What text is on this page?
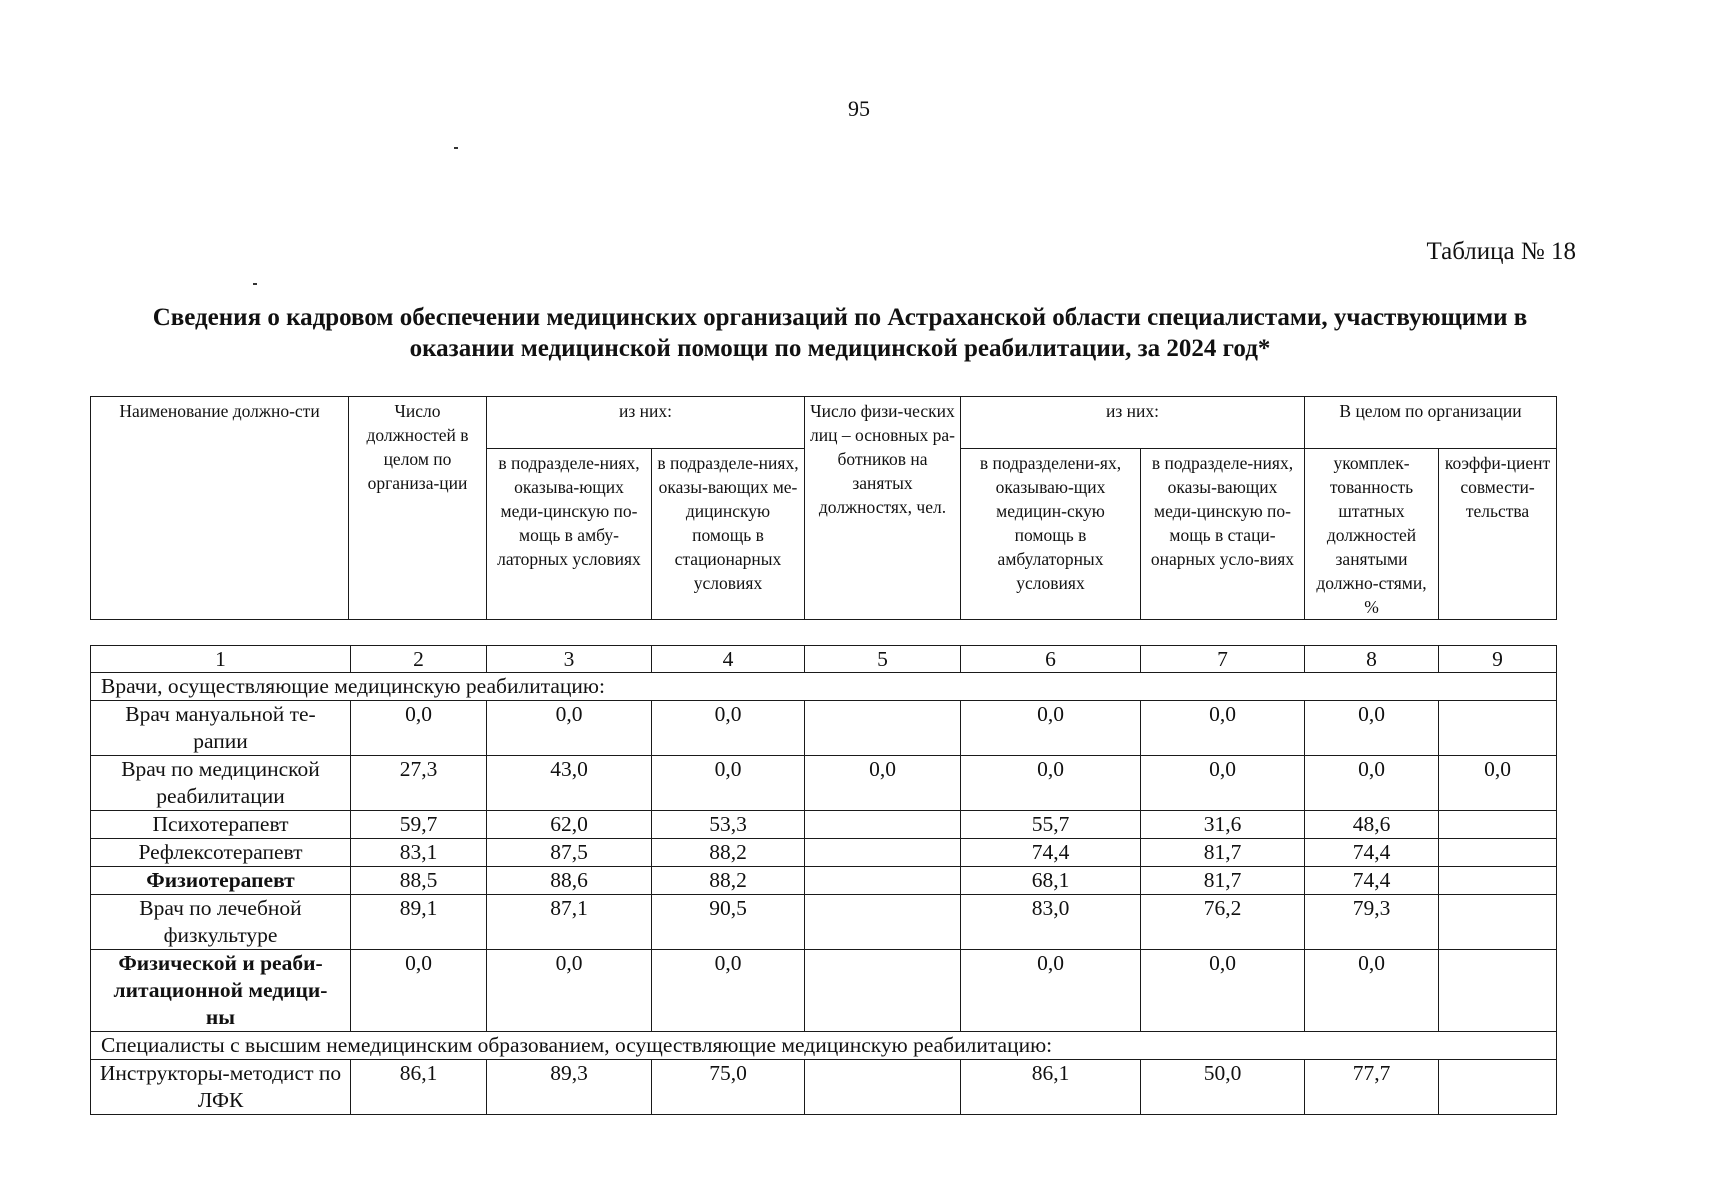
95
Таблица № 18
Сведения о кадровом обеспечении медицинских организаций по Астраханской области специалистами, участвующими в
оказании медицинской помощи по медицинской реабилитации, за 2024 год*
Наименование должно-сти	Число должностей в целом по организа-ции	из них:		Число физи-ческих лиц – основных ра-ботников на занятых должностях, чел.	из них:		В целом по организации	
		в подразделе-ниях, оказыва-ющих меди-цинскую по-мощь в амбу-латорных условиях	в подразделе-ниях, оказы-вающих ме-дицинскую помощь в стационарных условиях		в подразделени-ях, оказываю-щих медицин-скую помощь в амбулаторных условиях	в подразделе-ниях, оказы-вающих меди-цинскую по-мощь в стаци-онарных усло-виях	укомплек-тованность штатных должностей занятыми должно-стями, %	коэффи-циент совмести-тельства
1	2	3	4	5	6	7	8	9
Врачи, осуществляющие медицинскую реабилитацию:								
Врач мануальной те-рапии	0,0	0,0	0,0		0,0	0,0	0,0	
Врач по медицинской реабилитации	27,3	43,0	0,0	0,0	0,0	0,0	0,0	0,0
Психотерапевт	59,7	62,0	53,3		55,7	31,6	48,6	
Рефлексотерапевт	83,1	87,5	88,2		74,4	81,7	74,4	
Физиотерапевт	88,5	88,6	88,2		68,1	81,7	74,4	
Врач по лечебной физкультуре	89,1	87,1	90,5		83,0	76,2	79,3	
Физической и реаби-литационной медици-ны	0,0	0,0	0,0		0,0	0,0	0,0	
Специалисты с высшим немедицинским образованием, осуществляющие медицинскую реабилитацию:								
Инструкторы-методист по ЛФК	86,1	89,3	75,0		86,1	50,0	77,7	
